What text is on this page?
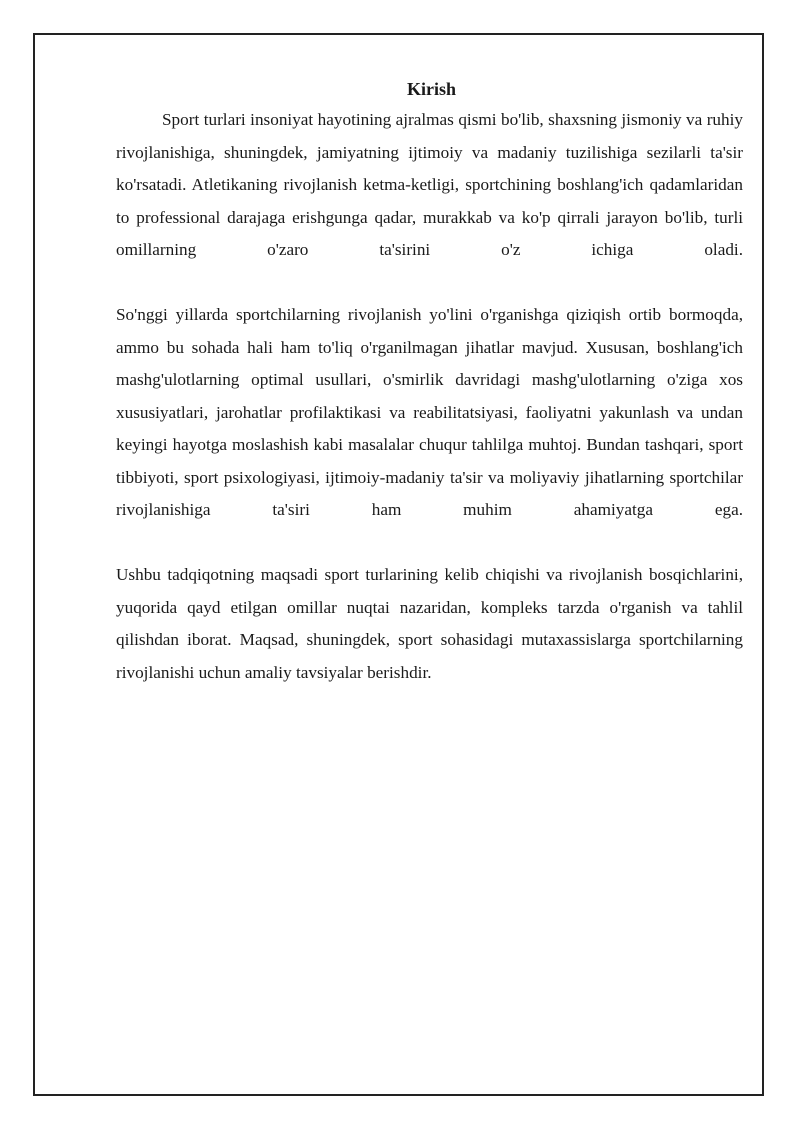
Kirish

Sport turlari insoniyat hayotining ajralmas qismi bo'lib, shaxsning jismoniy va ruhiy rivojlanishiga, shuningdek, jamiyatning ijtimoiy va madaniy tuzilishiga sezilarli ta'sir ko'rsatadi. Atletikaning rivojlanish ketma-ketligi, sportchining boshlang'ich qadamlaridan to professional darajaga erishgunga qadar, murakkab va ko'p qirrali jarayon bo'lib, turli omillarning o'zaro ta'sirini o'z ichiga oladi.

So'nggi yillarda sportchilarning rivojlanish yo'lini o'rganishga qiziqish ortib bormoqda, ammo bu sohada hali ham to'liq o'rganilmagan jihatlar mavjud. Xususan, boshlang'ich mashg'ulotlarning optimal usullari, o'smirlik davridagi mashg'ulotlarning o'ziga xos xususiyatlari, jarohatlar profilaktikasi va reabilitatsiyasi, faoliyatni yakunlash va undan keyingi hayotga moslashish kabi masalalar chuqur tahlilga muhtoj. Bundan tashqari, sport tibbiyoti, sport psixologiyasi, ijtimoiy-madaniy ta'sir va moliyaviy jihatlarning sportchilar rivojlanishiga ta'siri ham muhim ahamiyatga ega.

Ushbu tadqiqotning maqsadi sport turlarining kelib chiqishi va rivojlanish bosqichlarini, yuqorida qayd etilgan omillar nuqtai nazaridan, kompleks tarzda o'rganish va tahlil qilishdan iborat. Maqsad, shuningdek, sport sohasidagi mutaxassislarga sportchilarning rivojlanishi uchun amaliy tavsiyalar berishdir.
